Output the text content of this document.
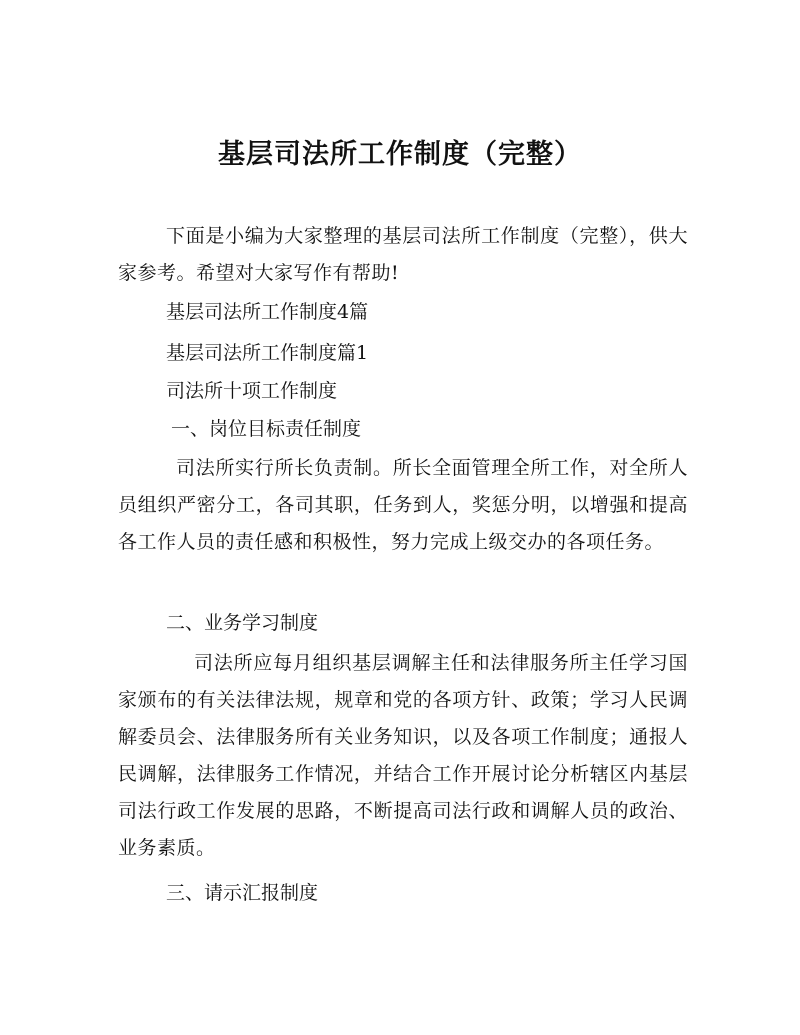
基层司法所工作制度（完整）
下面是小编为大家整理的基层司法所工作制度（完整），供大家参考。希望对大家写作有帮助!
基层司法所工作制度4篇
基层司法所工作制度篇1
司法所十项工作制度
一、岗位目标责任制度
司法所实行所长负责制。所长全面管理全所工作，对全所人员组织严密分工，各司其职，任务到人，奖惩分明，以增强和提高各工作人员的责任感和积极性，努力完成上级交办的各项任务。
二、业务学习制度
司法所应每月组织基层调解主任和法律服务所主任学习国家颁布的有关法律法规，规章和党的各项方针、政策；学习人民调解委员会、法律服务所有关业务知识，以及各项工作制度；通报人民调解，法律服务工作情况，并结合工作开展讨论分析辖区内基层司法行政工作发展的思路，不断提高司法行政和调解人员的政治、业务素质。
三、请示汇报制度
